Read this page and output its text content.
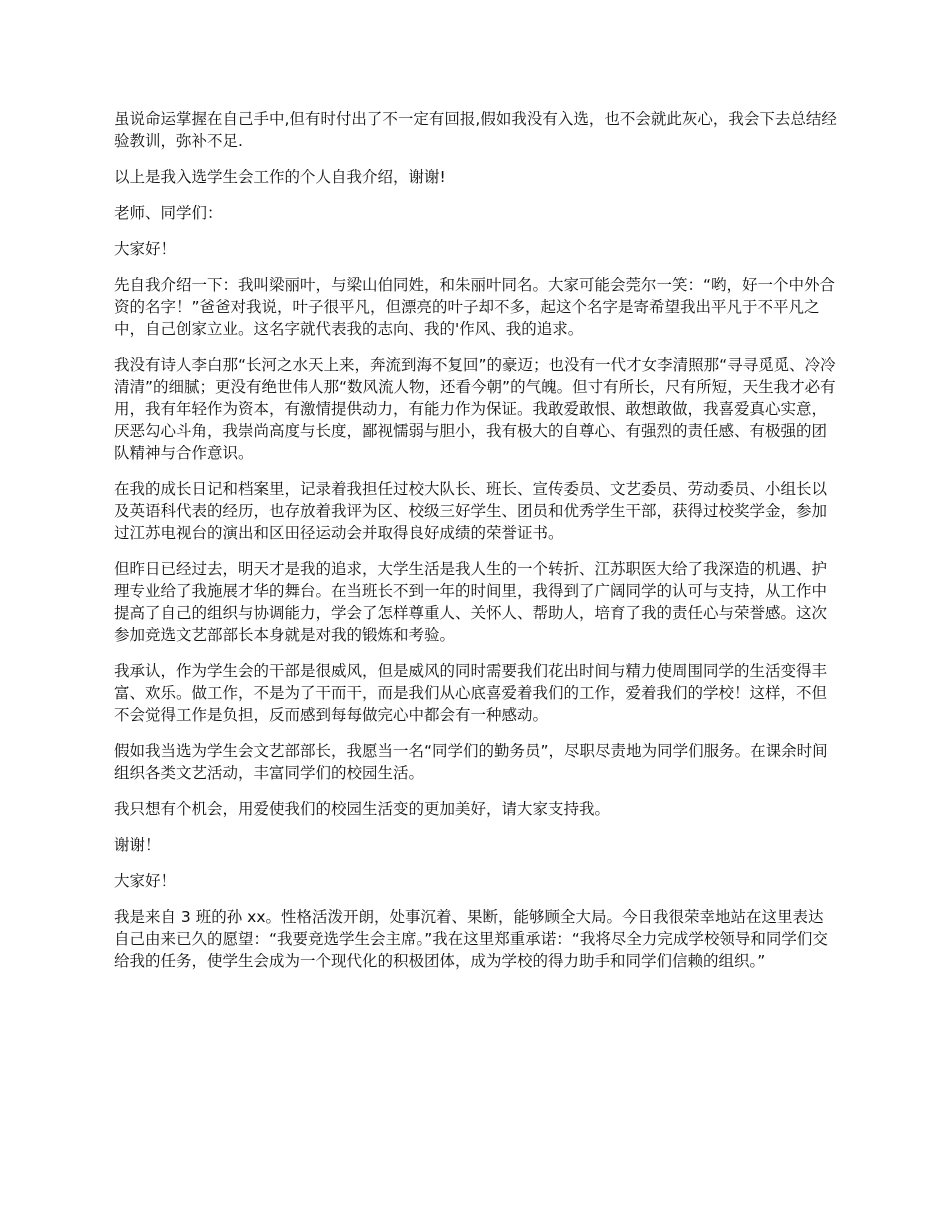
虽说命运掌握在自己手中,但有时付出了不一定有回报,假如我没有入选，也不会就此灰心，我会下去总结经验教训，弥补不足.

以上是我入选学生会工作的个人自我介绍，谢谢!

老师、同学们：

大家好！

先自我介绍一下：我叫梁丽叶，与梁山伯同姓，和朱丽叶同名。大家可能会莞尔一笑：“哟，好一个中外合资的名字！”爸爸对我说，叶子很平凡，但漂亮的叶子却不多，起这个名字是寄希望我出平凡于不平凡之中，自己创家立业。这名字就代表我的志向、我的'作风、我的追求。

我没有诗人李白那“长河之水天上来，奔流到海不复回”的豪迈；也没有一代才女李清照那“寻寻觅觅、冷冷清清”的细腻；更没有绝世伟人那“数风流人物，还看今朝”的气魄。但寸有所长，尺有所短，天生我才必有用，我有年轻作为资本，有激情提供动力，有能力作为保证。我敢爱敢恨、敢想敢做，我喜爱真心实意，厌恶勾心斗角，我崇尚高度与长度，鄙视懦弱与胆小，我有极大的自尊心、有强烈的责任感、有极强的团队精神与合作意识。

在我的成长日记和档案里，记录着我担任过校大队长、班长、宣传委员、文艺委员、劳动委员、小组长以及英语科代表的经历，也存放着我评为区、校级三好学生、团员和优秀学生干部，获得过校奖学金，参加过江苏电视台的演出和区田径运动会并取得良好成绩的荣誉证书。

但昨日已经过去，明天才是我的追求，大学生活是我人生的一个转折、江苏职医大给了我深造的机遇、护理专业给了我施展才华的舞台。在当班长不到一年的时间里，我得到了广阔同学的认可与支持，从工作中提高了自己的组织与协调能力，学会了怎样尊重人、关怀人、帮助人，培育了我的责任心与荣誉感。这次参加竞选文艺部部长本身就是对我的锻炼和考验。

我承认，作为学生会的干部是很威风，但是威风的同时需要我们花出时间与精力使周围同学的生活变得丰富、欢乐。做工作，不是为了干而干，而是我们从心底喜爱着我们的工作，爱着我们的学校！这样，不但不会觉得工作是负担，反而感到每每做完心中都会有一种感动。

假如我当选为学生会文艺部部长，我愿当一名“同学们的勤务员”，尽职尽责地为同学们服务。在课余时间组织各类文艺活动，丰富同学们的校园生活。

我只想有个机会，用爱使我们的校园生活变的更加美好，请大家支持我。

谢谢！

大家好！

我是来自 3 班的孙 xx。性格活泼开朗，处事沉着、果断，能够顾全大局。今日我很荣幸地站在这里表达自己由来已久的愿望：“我要竞选学生会主席。”我在这里郑重承诺：“我将尽全力完成学校领导和同学们交给我的任务，使学生会成为一个现代化的积极团体，成为学校的得力助手和同学们信赖的组织。”
